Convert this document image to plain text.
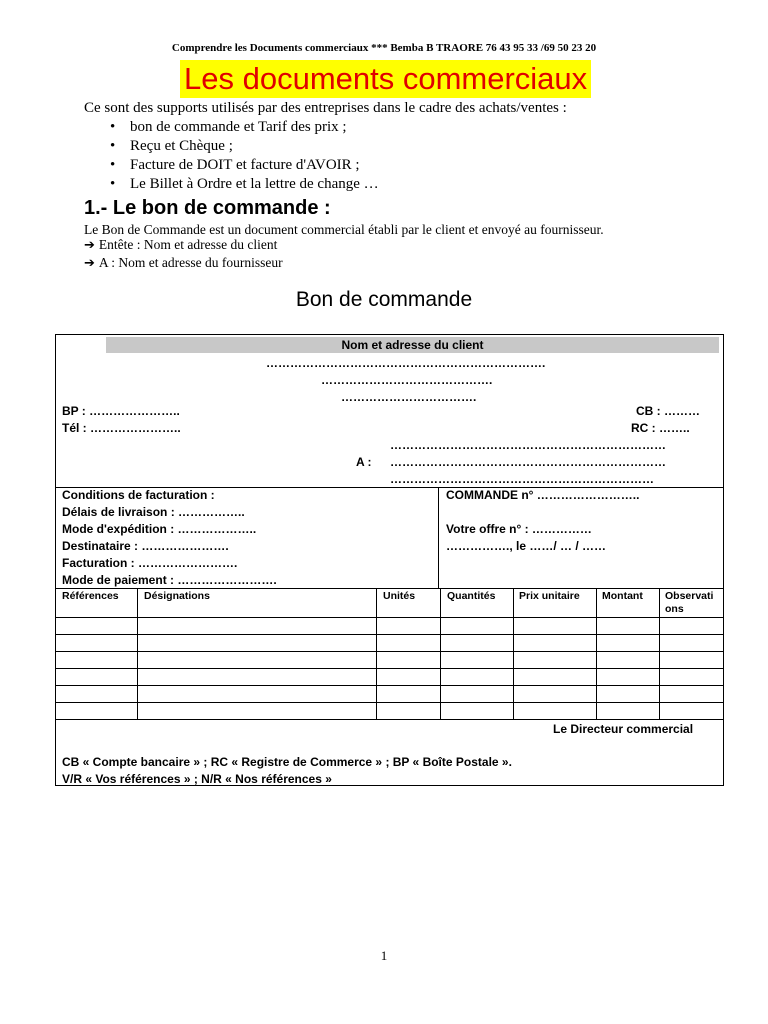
Comprendre les Documents commerciaux *** Bemba B TRAORE 76 43 95 33 /69 50 23 20
Les documents commerciaux
Ce sont des supports utilisés par des entreprises dans le cadre des achats/ventes :
• bon de commande et Tarif des prix ;
• Reçu et Chèque ;
• Facture de DOIT et facture d'AVOIR ;
• Le Billet à Ordre et la lettre de change …
1.- Le bon de commande :
Le Bon de Commande est un document commercial établi par le client et envoyé au fournisseur.
➔ Entête : Nom et adresse du client
➔ A : Nom et adresse du fournisseur
Bon de commande
Nom et adresse du client
…………………………………………………………….
…………………………………….
…………………………….
BP : …………………..
Tél : …………………..
CB : ………
RC : ……..
……………………………………………………………
A : ……………………………………………………………
…………………………………………………………
Conditions de facturation :
Délais de livraison : ……………..
Mode d'expédition : ………………..
Destinataire : ………………….
Facturation : …………………….
Mode de paiement : …………………….
COMMANDE n° ……………………..
Votre offre n° : ……………
……………., le ……/ … / ……
Références Désignations	Unités	Quantités Prix unitaire Montant Observati ons
Le Directeur commercial
CB « Compte bancaire » ; RC « Registre de Commerce » ; BP « Boîte Postale ».
V/R « Vos références » ; N/R « Nos références »
1
